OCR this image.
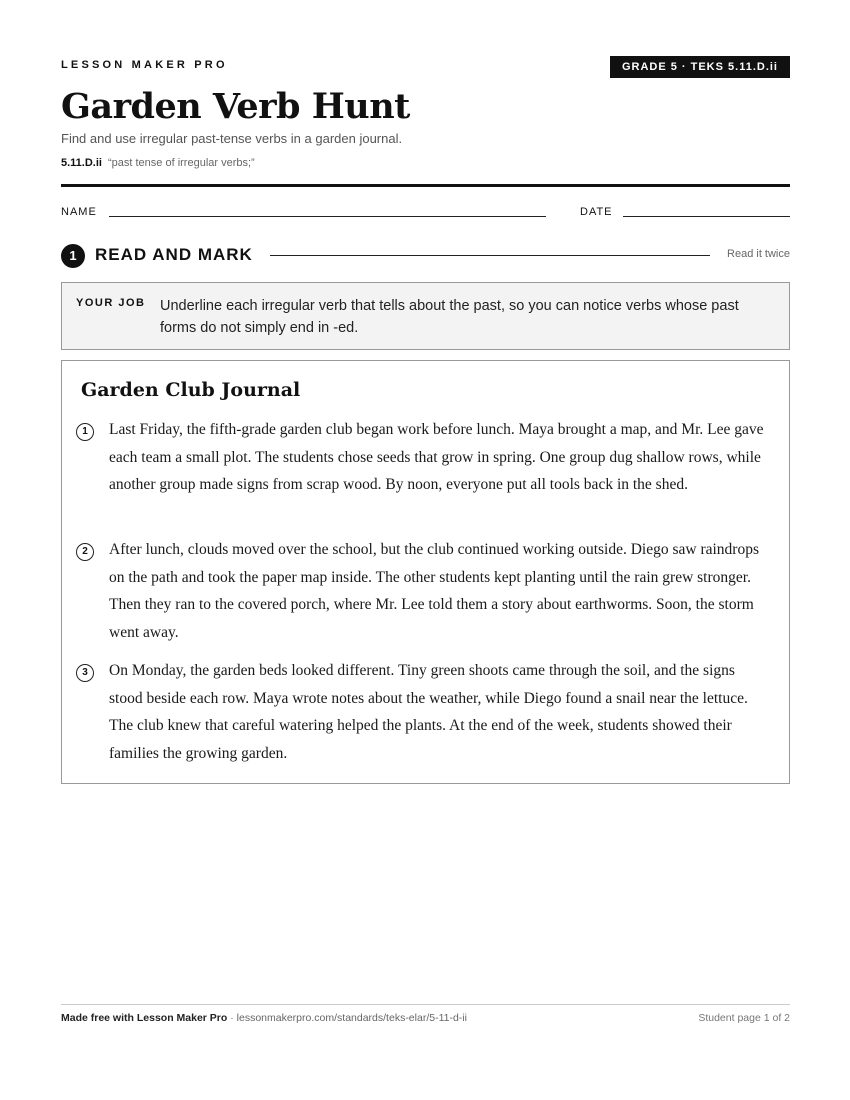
LESSON MAKER PRO	GRADE 5 · TEKS 5.11.D.ii
Garden Verb Hunt
Find and use irregular past-tense verbs in a garden journal.
5.11.D.ii “past tense of irregular verbs;”
NAME	DATE
1	READ AND MARK	Read it twice
YOUR JOB Underline each irregular verb that tells about the past, so you can notice verbs whose past forms do not simply end in -ed.
Garden Club Journal
1	Last Friday, the fifth-grade garden club began work before lunch. Maya brought a map, and Mr. Lee gave each team a small plot. The students chose seeds that grow in spring. One group dug shallow rows, while another group made signs from scrap wood. By noon, everyone put all tools back in the shed.
2	After lunch, clouds moved over the school, but the club continued working outside. Diego saw raindrops on the path and took the paper map inside. The other students kept planting until the rain grew stronger. Then they ran to the covered porch, where Mr. Lee told them a story about earthworms. Soon, the storm went away.
3	On Monday, the garden beds looked different. Tiny green shoots came through the soil, and the signs stood beside each row. Maya wrote notes about the weather, while Diego found a snail near the lettuce. The club knew that careful watering helped the plants. At the end of the week, students showed their families the growing garden.
Made free with Lesson Maker Pro · lessonmakerpro.com/standards/teks-elar/5-11-d-ii	Student page 1 of 2
